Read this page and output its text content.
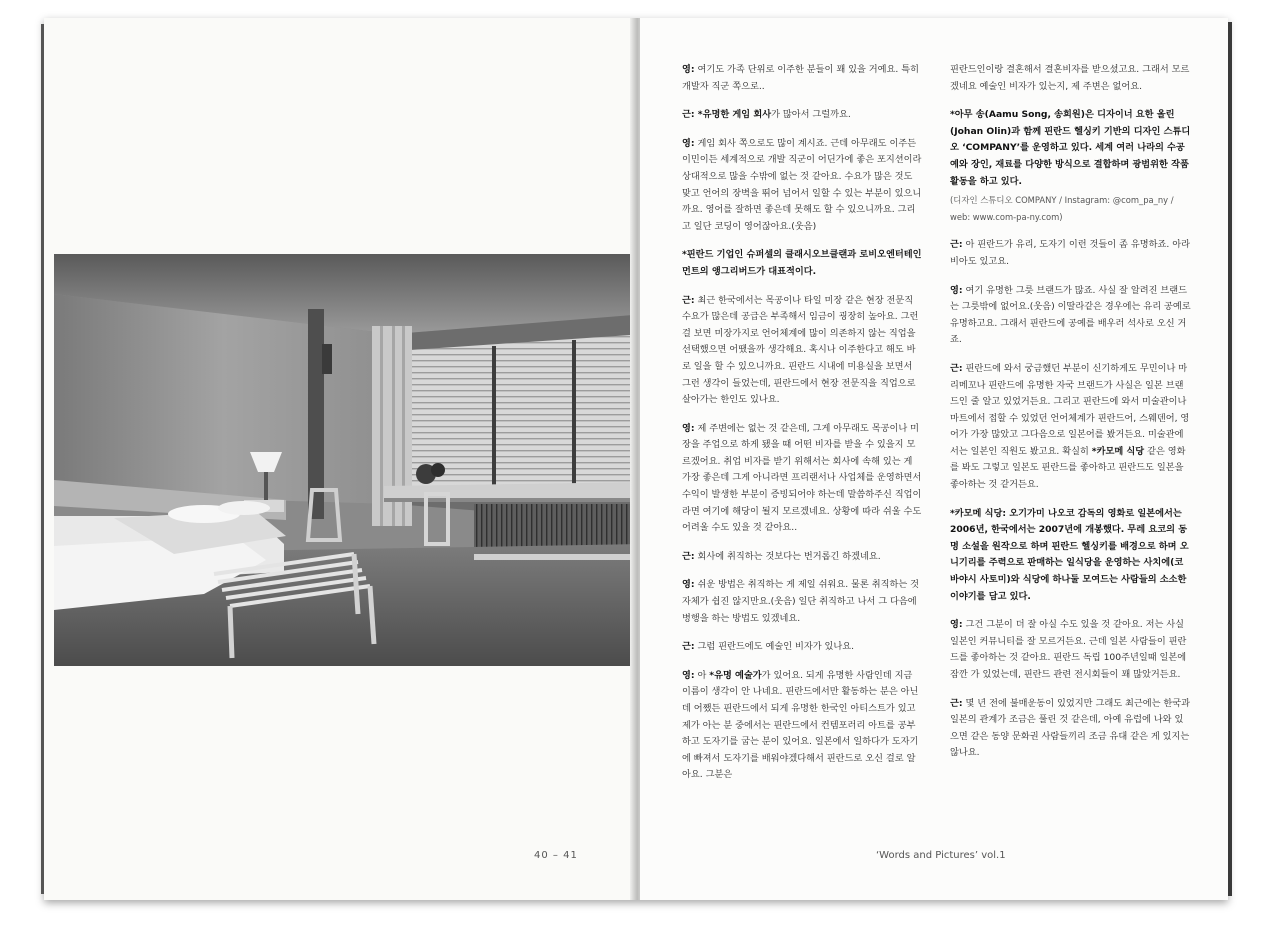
40 – 41

영: 여기도 가족 단위로 이주한 분들이 꽤 있을 거예요. 특히 개발자 직군 쪽으로..

근: *유명한 게임 회사가 많아서 그럴까요.

영: 게임 회사 쪽으로도 많이 계시죠. 근데 아무래도 이주든 이민이든 세계적으로 개발 직군이 어딘가에 좋은 포지션이라 상대적으로 많을 수밖에 없는 것 같아요. 수요가 많은 것도 맞고 언어의 장벽을 뛰어 넘어서 일할 수 있는 부분이 있으니까요. 영어를 잘하면 좋은데 못해도 할 수 있으니까요. 그리고 일단 코딩이 영어잖아요.(웃음)

*핀란드 기업인 슈퍼셀의 클래시오브클랜과 로비오엔터테인먼트의 앵그리버드가 대표적이다.

근: 최근 한국에서는 목공이나 타일 미장 같은 현장 전문직 수요가 많은데 공급은 부족해서 임금이 굉장히 높아요. 그런 걸 보면 미장가지로 언어체계에 많이 의존하지 않는 직업을 선택했으면 어땠을까 생각해요. 혹시나 이주한다고 해도 바로 일을 할 수 있으니까요. 핀란드 시내에 미용실을 보면서 그런 생각이 들었는데, 핀란드에서 현장 전문직을 직업으로 살아가는 한인도 있나요.

영: 제 주변에는 없는 것 같은데, 그게 아무래도 목공이나 미장을 주업으로 하게 됐을 때 어떤 비자를 받을 수 있을지 모르겠어요. 취업 비자를 받기 위해서는 회사에 속해 있는 게 가장 좋은데 그게 아니라면 프리랜서나 사업체를 운영하면서 수익이 발생한 부분이 증빙되어야 하는데 말씀하주신 직업이라면 여기에 해당이 될지 모르겠네요. 상황에 따라 쉬울 수도 어려울 수도 있을 것 같아요..

근: 회사에 취직하는 것보다는 번거롭긴 하겠네요.

영: 쉬운 방법은 취직하는 게 제일 쉬워요. 물론 취직하는 것 자체가 쉽진 않지만요.(웃음) 일단 취직하고 나서 그 다음에 병행을 하는 방법도 있겠네요.

근: 그럼 핀란드에도 예술인 비자가 있나요.

영: 아 *유명 예술가가 있어요. 되게 유명한 사람인데 지금 이름이 생각이 안 나네요. 핀란드에서만 활동하는 분은 아닌데 어쨌든 핀란드에서 되게 유명한 한국인 아티스트가 있고 제가 아는 분 중에서는 핀란드에서 컨템포러리 아트를 공부하고 도자기를 굽는 분이 있어요. 일본에서 일하다가 도자기에 빠져서 도자기를 배워야겠다해서 핀란드로 오신 걸로 알아요. 그분은

핀란드인이랑 결혼해서 결혼비자를 받으셨고요. 그래서 모르겠네요 예술인 비자가 있는지, 제 주변은 없어요.

*아무 송(Aamu Song, 송희원)은 디자이너 요한 올린(Johan Olin)과 함께 핀란드 헬싱키 기반의 디자인 스튜디오 ‘COMPANY’를 운영하고 있다. 세계 여러 나라의 수공예와 장인, 재료를 다양한 방식으로 결합하며 광범위한 작품활동을 하고 있다.

(디자인 스튜디오 COMPANY / Instagram: @com_pa_ny / web: www.com-pa-ny.com)

근: 아 핀란드가 유리, 도자기 이런 것들이 좀 유명하죠. 아라비아도 있고요.

영: 여기 유명한 그릇 브랜드가 많죠. 사실 잘 알려진 브랜드는 그릇밖에 없어요.(웃음) 이딸라같은 경우에는 유리 공예로 유명하고요. 그래서 핀란드에 공예를 배우러 석사로 오신 거죠.

근: 핀란드에 와서 궁금했던 부분이 신기하게도 무민이나 마리메꼬나 핀란드에 유명한 자국 브랜드가 사실은 일본 브랜드인 줄 알고 있었거든요. 그리고 핀란드에 와서 미술관이나 마트에서 접할 수 있었던 언어체계가 핀란드어, 스웨덴어, 영어가 가장 많았고 그다음으로 일본어를 봤거든요. 미술관에서는 일본인 직원도 봤고요. 확실히 *카모메 식당 같은 영화를 봐도 그렇고 일본도 핀란드를 좋아하고 핀란드도 일본을 좋아하는 것 같거든요.

*카모메 식당: 오기가미 나오코 감독의 영화로 일본에서는 2006년, 한국에서는 2007년에 개봉했다. 무레 요코의 동명 소설을 원작으로 하며 핀란드 헬싱키를 배경으로 하며 오니기리를 주력으로 판매하는 일식당을 운영하는 사치에(코바야시 사토미)와 식당에 하나둘 모여드는 사람들의 소소한 이야기를 담고 있다.

영: 그건 그분이 더 잘 아실 수도 있을 것 같아요. 저는 사실 일본인 커뮤니티를 잘 모르거든요. 근데 일본 사람들이 핀란드를 좋아하는 것 같아요. 핀란드 독립 100주년일때 일본에 잠깐 가 있었는데, 핀란드 관련 전시회들이 꽤 많았거든요.

근: 몇 년 전에 불매운동이 있었지만 그래도 최근에는 한국과 일본의 관계가 조금은 풀린 것 같은데, 아예 유럽에 나와 있으면 같은 동양 문화권 사람들끼리 조금 유대 같은 게 있지는 않나요.

‘Words and Pictures’ vol.1
